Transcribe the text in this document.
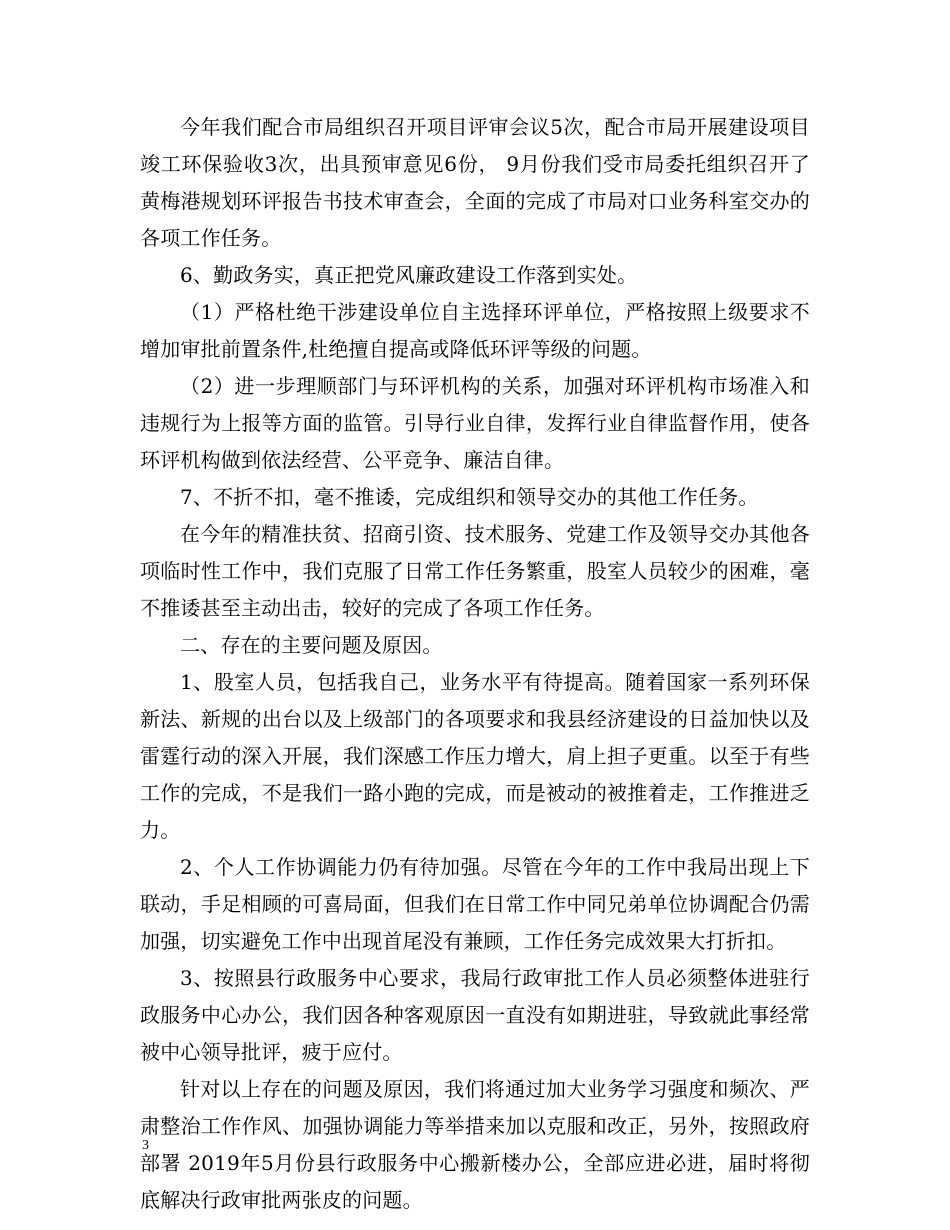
今年我们配合市局组织召开项目评审会议5次，配合市局开展建设项目竣工环保验收3次，出具预审意见6份， 9月份我们受市局委托组织召开了黄梅港规划环评报告书技术审查会，全面的完成了市局对口业务科室交办的各项工作任务。

6、勤政务实，真正把党风廉政建设工作落到实处。

（1）严格杜绝干涉建设单位自主选择环评单位，严格按照上级要求不增加审批前置条件,杜绝擅自提高或降低环评等级的问题。

（2）进一步理顺部门与环评机构的关系，加强对环评机构市场准入和违规行为上报等方面的监管。引导行业自律，发挥行业自律监督作用，使各环评机构做到依法经营、公平竞争、廉洁自律。

7、不折不扣，毫不推诿，完成组织和领导交办的其他工作任务。

在今年的精准扶贫、招商引资、技术服务、党建工作及领导交办其他各项临时性工作中，我们克服了日常工作任务繁重，股室人员较少的困难，毫不推诿甚至主动出击，较好的完成了各项工作任务。

二、存在的主要问题及原因。

1、股室人员，包括我自己，业务水平有待提高。随着国家一系列环保新法、新规的出台以及上级部门的各项要求和我县经济建设的日益加快以及雷霆行动的深入开展，我们深感工作压力增大，肩上担子更重。以至于有些工作的完成，不是我们一路小跑的完成，而是被动的被推着走，工作推进乏力。

2、个人工作协调能力仍有待加强。尽管在今年的工作中我局出现上下联动，手足相顾的可喜局面，但我们在日常工作中同兄弟单位协调配合仍需加强，切实避免工作中出现首尾没有兼顾，工作任务完成效果大打折扣。

3、按照县行政服务中心要求，我局行政审批工作人员必须整体进驻行政服务中心办公，我们因各种客观原因一直没有如期进驻，导致就此事经常被中心领导批评，疲于应付。

针对以上存在的问题及原因，我们将通过加大业务学习强度和频次、严肃整治工作作风、加强协调能力等举措来加以克服和改正，另外，按照政府部署 2019年5月份县行政服务中心搬新楼办公，全部应进必进，届时将彻底解决行政审批两张皮的问题。

3
